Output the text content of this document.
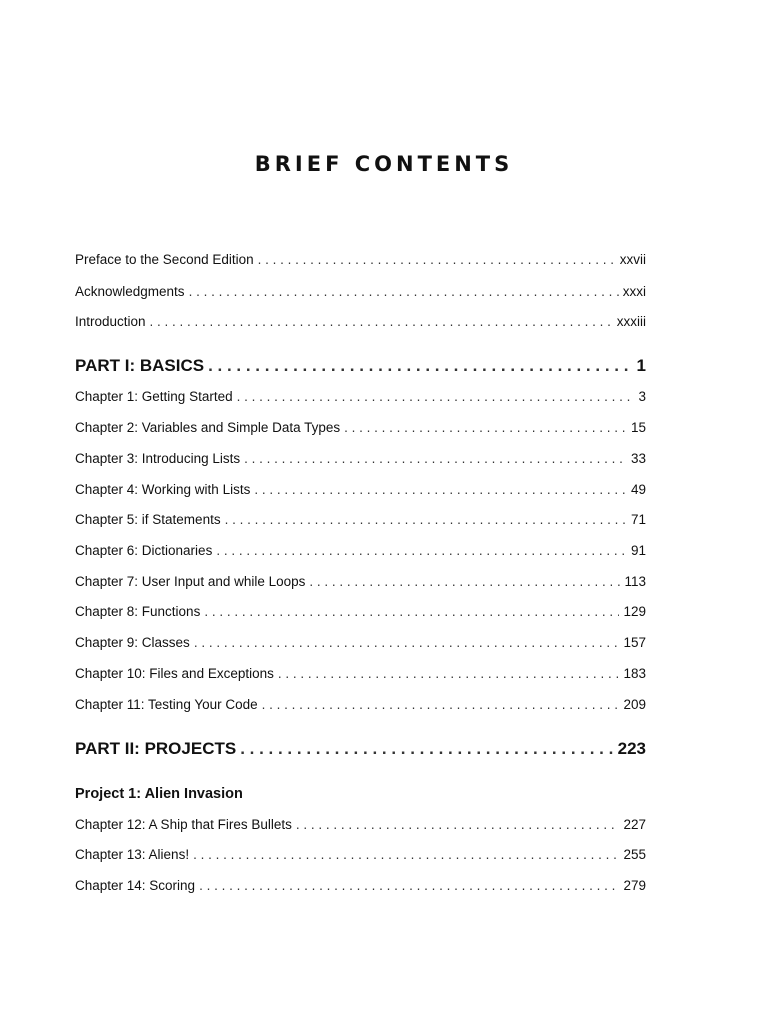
BRIEF CONTENTS
Preface to the Second Edition . . .	xxvii
Acknowledgments . . .	xxxi
Introduction . . .	xxxiii
PART I: BASICS . . .	1
Chapter 1: Getting Started . . .	3
Chapter 2: Variables and Simple Data Types . . .	15
Chapter 3: Introducing Lists . . .	33
Chapter 4: Working with Lists . . .	49
Chapter 5: if Statements . . .	71
Chapter 6: Dictionaries . . .	91
Chapter 7: User Input and while Loops . . .	113
Chapter 8: Functions . . .	129
Chapter 9: Classes . . .	157
Chapter 10: Files and Exceptions . . .	183
Chapter 11: Testing Your Code . . .	209
PART II: PROJECTS . . .	223
Project 1: Alien Invasion
Chapter 12: A Ship that Fires Bullets . . .	227
Chapter 13: Aliens! . . .	255
Chapter 14: Scoring . . .	279
